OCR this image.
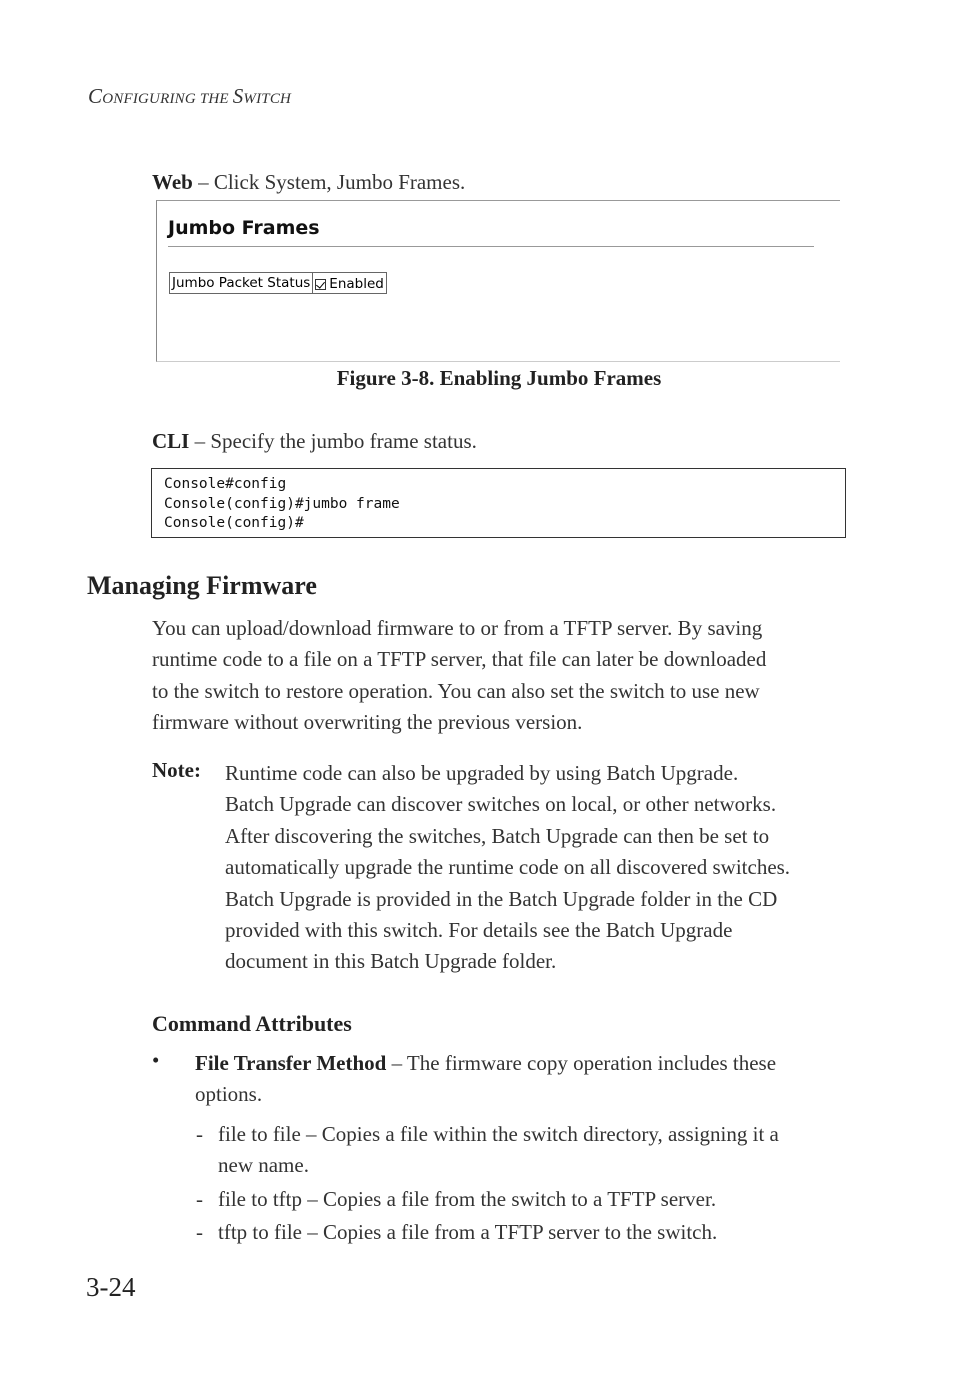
CONFIGURING THE SWITCH
Web – Click System, Jumbo Frames.
Jumbo Frames
Jumbo Packet Status Enabled
Figure 3-8. Enabling Jumbo Frames
CLI – Specify the jumbo frame status.
Console#config
Console(config)#jumbo frame
Console(config)#
Managing Firmware
You can upload/download firmware to or from a TFTP server. By saving
runtime code to a file on a TFTP server, that file can later be downloaded
to the switch to restore operation. You can also set the switch to use new
firmware without overwriting the previous version.
Note: Runtime code can also be upgraded by using Batch Upgrade.
Batch Upgrade can discover switches on local, or other networks.
After discovering the switches, Batch Upgrade can then be set to
automatically upgrade the runtime code on all discovered switches.
Batch Upgrade is provided in the Batch Upgrade folder in the CD
provided with this switch. For details see the Batch Upgrade
document in this Batch Upgrade folder.
Command Attributes
• File Transfer Method – The firmware copy operation includes these
options.
- file to file – Copies a file within the switch directory, assigning it a
new name.
- file to tftp – Copies a file from the switch to a TFTP server.
- tftp to file – Copies a file from a TFTP server to the switch.
3-24
